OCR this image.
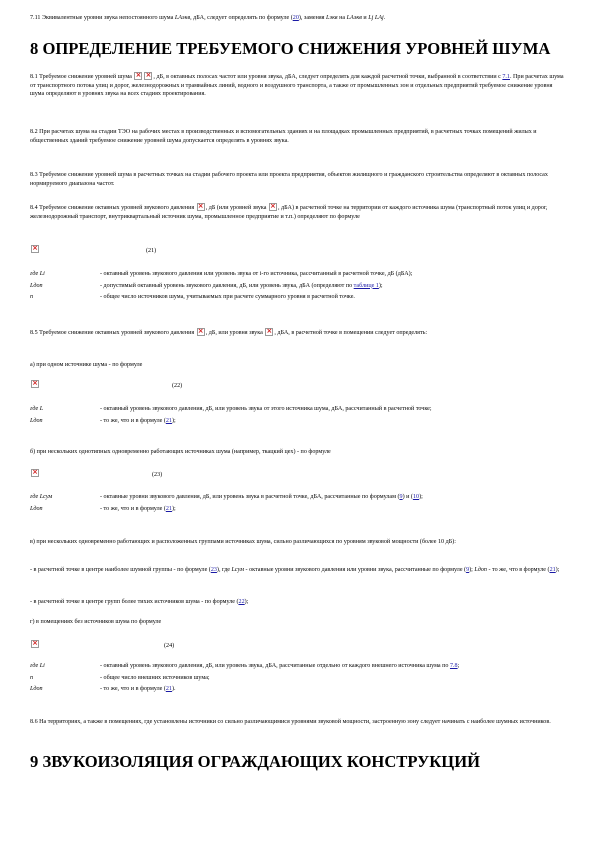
7.11 Эквивалентные уровни звука непостоянного шума LAэкв, дБА, следует определять по формуле (20), заменяя Lэкв на LAэкв и Lj LAj.

8 ОПРЕДЕЛЕНИЕ ТРЕБУЕМОГО СНИЖЕНИЯ УРОВНЕЙ ШУМА

8.1 Требуемое снижение уровней шума × ×	, дБ, в октавных полосах частот или уровня звука, дБА, следует определять для каждой расчетной точки, выбранной в соответствии с 7.1. При расчетах шума от транспортного потока улиц и дорог, железнодорожных и трамвайных линий, водного и воздушного транспорта, а также от промышленных зон и отдельных предприятий требуемое снижение уровня шума определяют в уровнях звука на всех стадиях проектирования.

8.2 При расчетах шума на стадии ТЭО на рабочих местах в производственных и вспомогательных зданиях и на площадках промышленных предприятий, в расчетных точках помещений жилых и общественных зданий требуемое снижение уровней шума допускается определять в уровнях звука.

8.3 Требуемое снижение уровней шума в расчетных точках на стадии рабочего проекта или проекта предприятия, объектов жилищного и гражданского строительства определяют в октавных полосах нормируемого диапазона частот.

8.4 Требуемое снижение октавных уровней звукового давления ×, дБ (или уровней звука ×, дБА) в расчетной точке на территории от каждого источника шума (транспортный поток улиц и дорог, железнодорожный транспорт, внутриквартальный источник шума, промышленное предприятие и т.п.) определяют по формуле

×
(21)
где Li	- октавный уровень звукового давления или уровень звука от i-го источника, рассчитанный в расчетной точке, дБ (дБА);
Lдоп	- допустимый октавный уровень звукового давления, дБ, или уровень звука, дБА (определяют по таблице 1);
n	- общее число источников шума, учитываемых при расчете суммарного уровня в расчетной точке.

8.5 Требуемое снижение октавных уровней звукового давления ×, дБ, или уровня звука ×, дБА, в расчетной точке в помещении следует определять:

а) при одном источнике шума - по формуле

×
(22)
где L	- октавный уровень звукового давления, дБ, или уровень звука от этого источника шума, дБА, рассчитанный в расчетной точке;
Lдоп	- то же, что и в формуле (21);

б) при нескольких однотипных одновременно работающих источниках шума (например, ткацкий цех) - по формуле

×
(23)
где Lсум	- октавные уровни звукового давления, дБ, или уровень звука в расчетной точке, дБА, рассчитанные по формулам (9) и (10);
Lдоп	- то же, что и в формуле (21);

в) при нескольких одновременно работающих и расположенных группами источниках шума, сильно различающихся по уровням звуковой мощности (более 10 дБ):

- в расчетной точке в центре наиболее шумной группы - по формуле (23), где Lсум - октавные уровни звукового давления или уровни звука, рассчитанные по формуле (9); Lдоп - то же, что в формуле (21);

- в расчетной точке в центре групп более тихих источников шума - по формуле (22);

г) в помещениях без источников шума по формуле

×
(24)
где Li	- октавный уровень звукового давления, дБ, или уровень звука, дБА, рассчитанные отдельно от каждого внешнего источника шума по 7.8;
n	- общее число внешних источников шума;
Lдоп	- то же, что и в формуле (21).

8.6 На территориях, а также в помещениях, где установлены источники со сильно различающимися уровнями звуковой мощности, застроенную зону следует начинать с наиболее шумных источников.

9 ЗВУКОИЗОЛЯЦИЯ ОГРАЖДАЮЩИХ КОНСТРУКЦИЙ
